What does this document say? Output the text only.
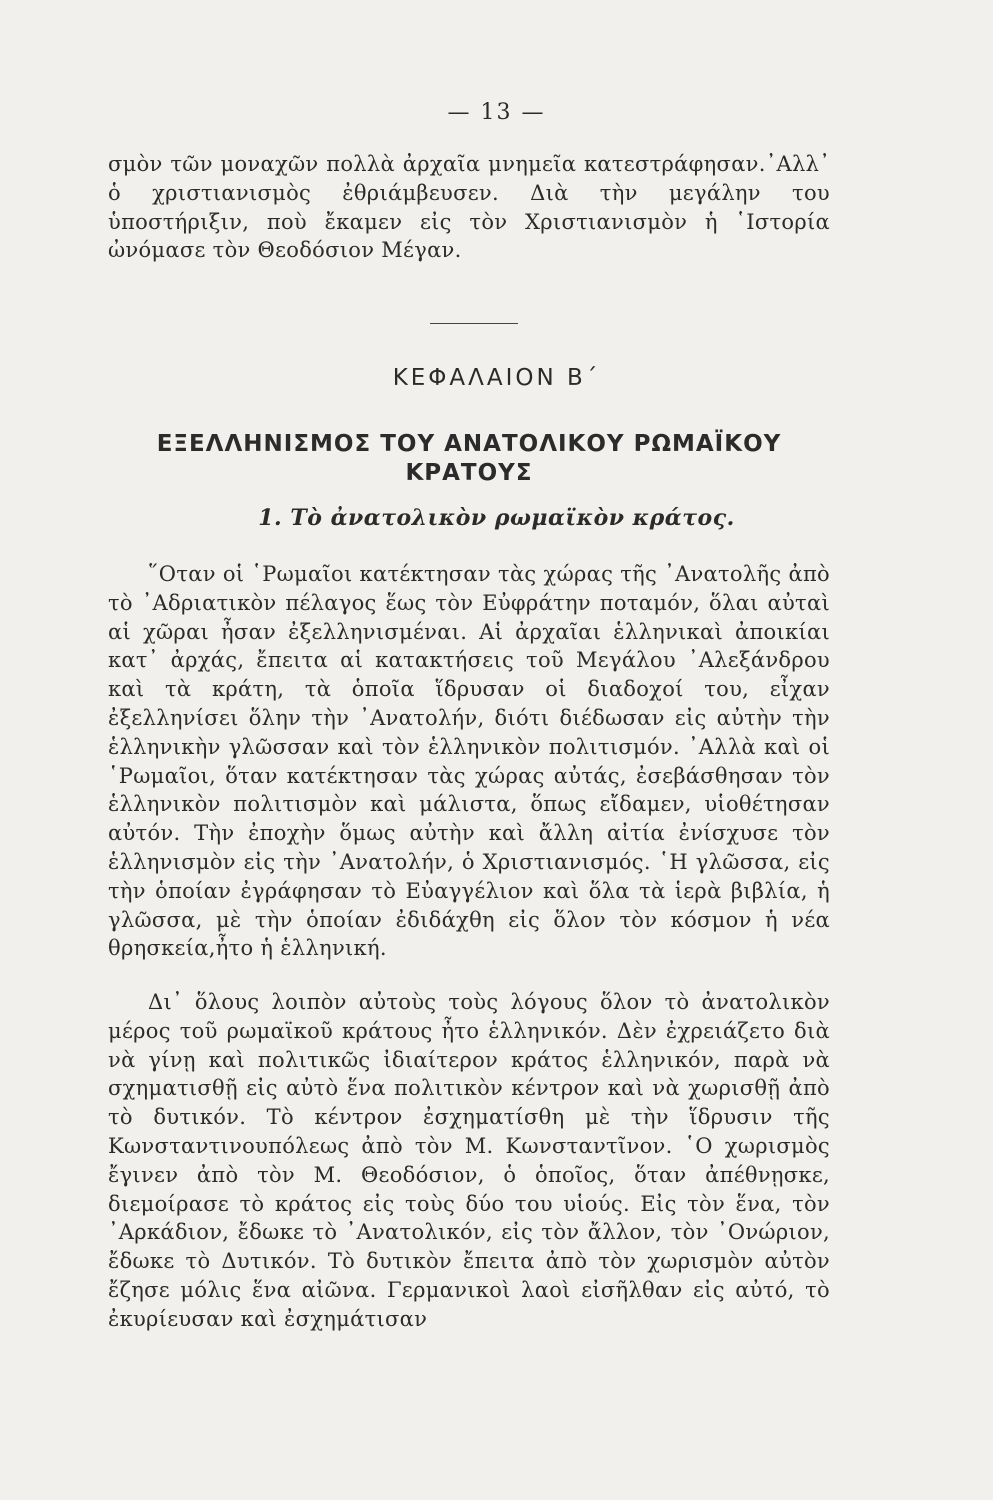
— 13 —

σμὸν τῶν μοναχῶν πολλὰ ἀρχαῖα μνημεῖα κατεστράφησαν.᾿Αλλ᾿ ὁ χριστιανισμὸς ἐθριάμβευσεν. Διὰ τὴν μεγάλην του ὑποστήριξιν, ποὺ ἔκαμεν εἰς τὸν Χριστιανισμὸν ἡ ῾Ιστορία ὠνόμασε τὸν Θεοδόσιον Μέγαν.

ΚΕΦΑΛΑΙΟΝ Β΄
ΕΞΕΛΛΗΝΙΣΜΟΣ ΤΟΥ ΑΝΑΤΟΛΙΚΟΥ ΡΩΜΑΪΚΟΥ ΚΡΑΤΟΥΣ
1. Τὸ ἀνατολικὸν ρωμαϊκὸν κράτος.

῞Οταν οἱ ῾Ρωμαῖοι κατέκτησαν τὰς χώρας τῆς ᾿Ανατολῆς ἀπὸ τὸ ᾿Αδριατικὸν πέλαγος ἕως τὸν Εὐφράτην ποταμόν, ὅλαι αὐταὶ αἱ χῶραι ἦσαν ἐξελληνισμέναι. Αἱ ἀρχαῖαι ἑλληνικαὶ ἀποικίαι κατ᾿ ἀρχάς, ἔπειτα αἱ κατακτήσεις τοῦ Μεγάλου ᾿Αλεξάνδρου καὶ τὰ κράτη, τὰ ὁποῖα ἵδρυσαν οἱ διαδοχοί του, εἶχαν ἐξελληνίσει ὅλην τὴν ᾿Ανατολήν, διότι διέδωσαν εἰς αὐτὴν τὴν ἑλληνικὴν γλῶσσαν καὶ τὸν ἑλληνικὸν πολιτισμόν. ᾿Αλλὰ καὶ οἱ ῾Ρωμαῖοι, ὅταν κατέκτησαν τὰς χώρας αὐτάς, ἐσεβάσθησαν τὸν ἑλληνικὸν πολιτισμὸν καὶ μάλιστα, ὅπως εἴδαμεν, υἱοθέτησαν αὐτόν. Τὴν ἐποχὴν ὅμως αὐτὴν καὶ ἄλλη αἰτία ἐνίσχυσε τὸν ἑλληνισμὸν εἰς τὴν ᾿Ανατολήν, ὁ Χριστιανισμός. ῾Η γλῶσσα, εἰς τὴν ὁποίαν ἐγράφησαν τὸ Εὐαγγέλιον καὶ ὅλα τὰ ἱερὰ βιβλία, ἡ γλῶσσα, μὲ τὴν ὁποίαν ἐδιδάχθη εἰς ὅλον τὸν κόσμον ἡ νέα θρησκεία,ἦτο ἡ ἑλληνική.

Δι᾿ ὅλους λοιπὸν αὐτοὺς τοὺς λόγους ὅλον τὸ ἀνατολικὸν μέρος τοῦ ρωμαϊκοῦ κράτους ἦτο ἑλληνικόν. Δὲν ἐχρειάζετο διὰ νὰ γίνῃ καὶ πολιτικῶς ἰδιαίτερον κράτος ἑλληνικόν, παρὰ νὰ σχηματισθῇ εἰς αὐτὸ ἕνα πολιτικὸν κέντρον καὶ νὰ χωρισθῇ ἀπὸ τὸ δυτικόν. Τὸ κέντρον ἐσχηματίσθη μὲ τὴν ἵδρυσιν τῆς Κωνσταντινουπόλεως ἀπὸ τὸν Μ. Κωνσταντῖνον. ῾Ο χωρισμὸς ἔγινεν ἀπὸ τὸν Μ. Θεοδόσιον, ὁ ὁποῖος, ὅταν ἀπέθνῃσκε, διεμοίρασε τὸ κράτος εἰς τοὺς δύο του υἱούς. Εἰς τὸν ἕνα, τὸν ᾿Αρκάδιον, ἔδωκε τὸ ᾿Ανατολικόν, εἰς τὸν ἄλλον, τὸν ᾿Ονώριον, ἔδωκε τὸ Δυτικόν. Τὸ δυτικὸν ἔπειτα ἀπὸ τὸν χωρισμὸν αὐτὸν ἔζησε μόλις ἕνα αἰῶνα. Γερμανικοὶ λαοὶ εἰσῆλθαν εἰς αὐτό, τὸ ἐκυρίευσαν καὶ ἐσχημάτισαν
